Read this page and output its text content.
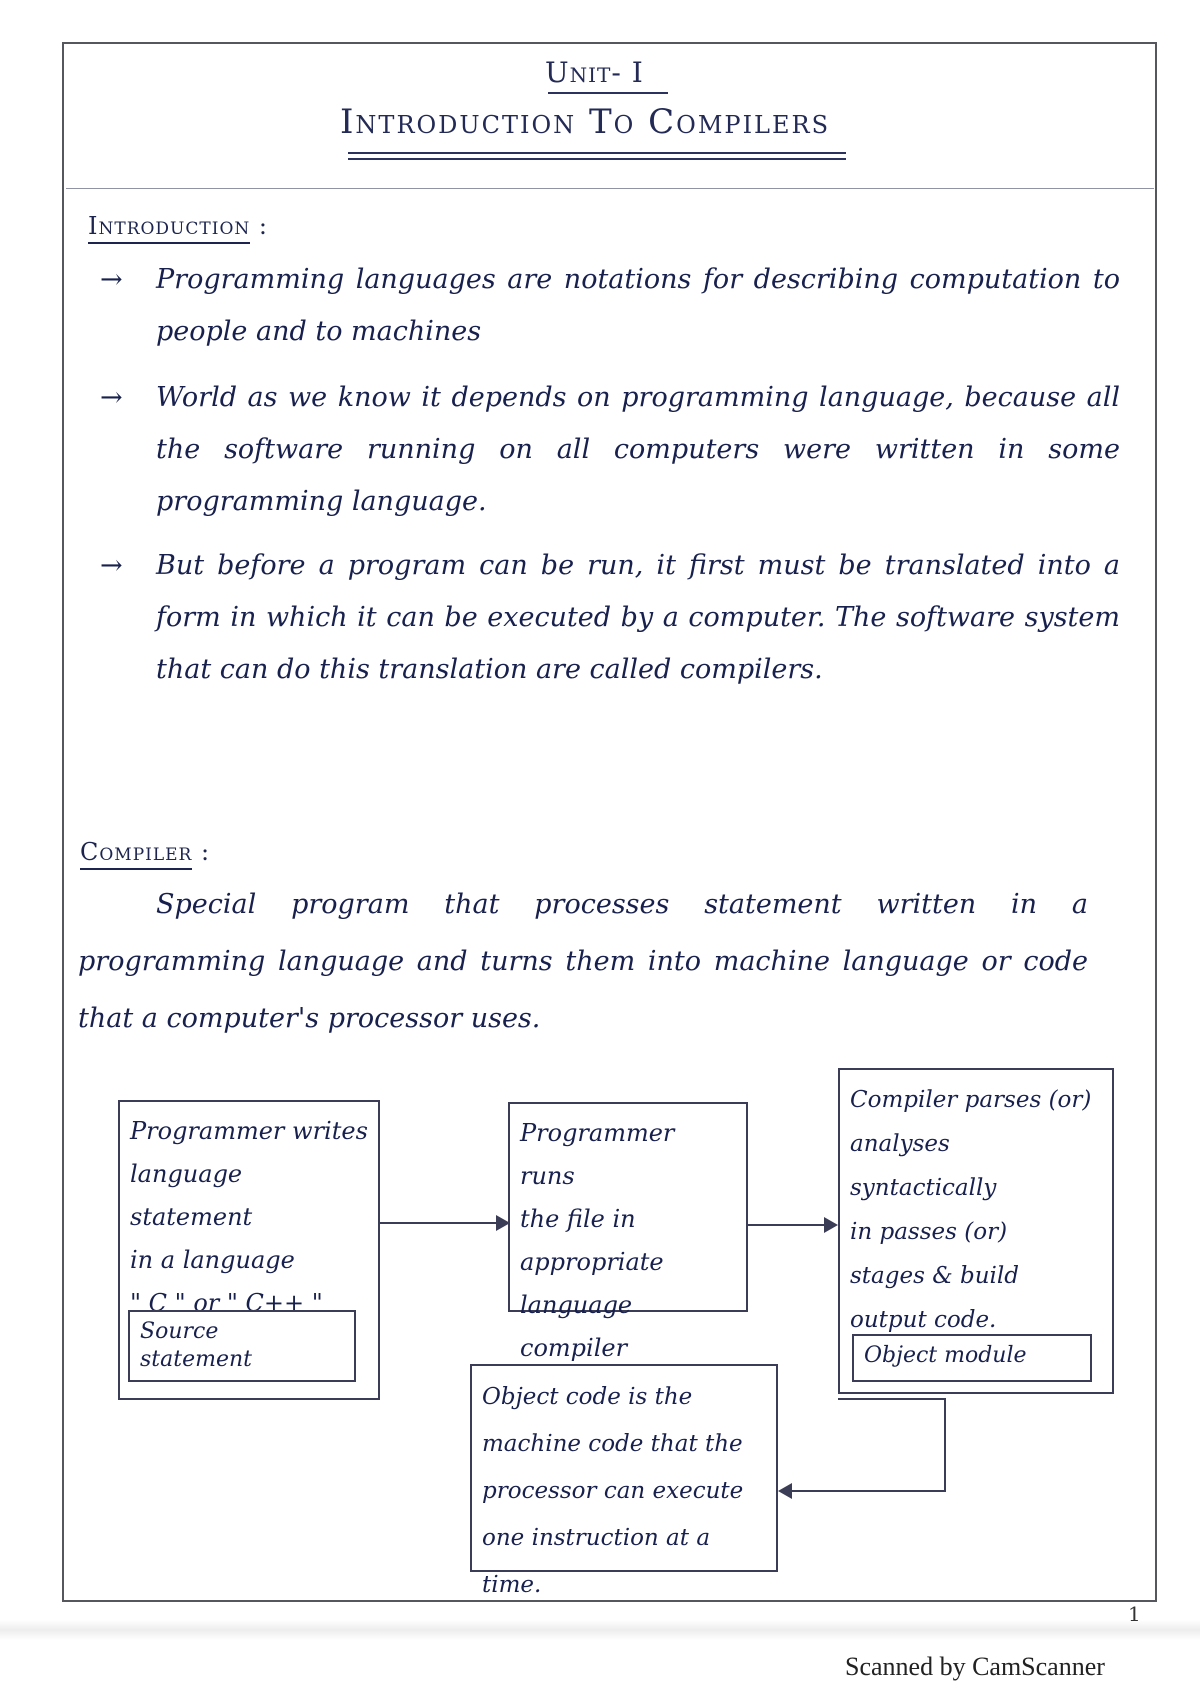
Unit- I
Introduction To Compilers
Introduction :
→ Programming languages are notations for describing computation to people and to machines
→ World as we know it depends on programming language, because all the software running on all computers were written in some programming language.
→ But before a program can be run, it first must be translated into a form in which it can be executed by a computer. The software system that can do this translation are called compilers.
Compiler :
Special program that processes statement written in a programming language and turns them into machine language or code that a computer's processor uses.
Programmer writes
language statement
in a language
" C " or " C++ "
Source
statement
Programmer runs
the file in
appropriate
language compiler
Compiler parses (or)
analyses syntactically
in passes (or)
stages & build
output code.
Object module
Object code is the
machine code that the
processor can execute
one instruction at a time.
1
Scanned by CamScanner
